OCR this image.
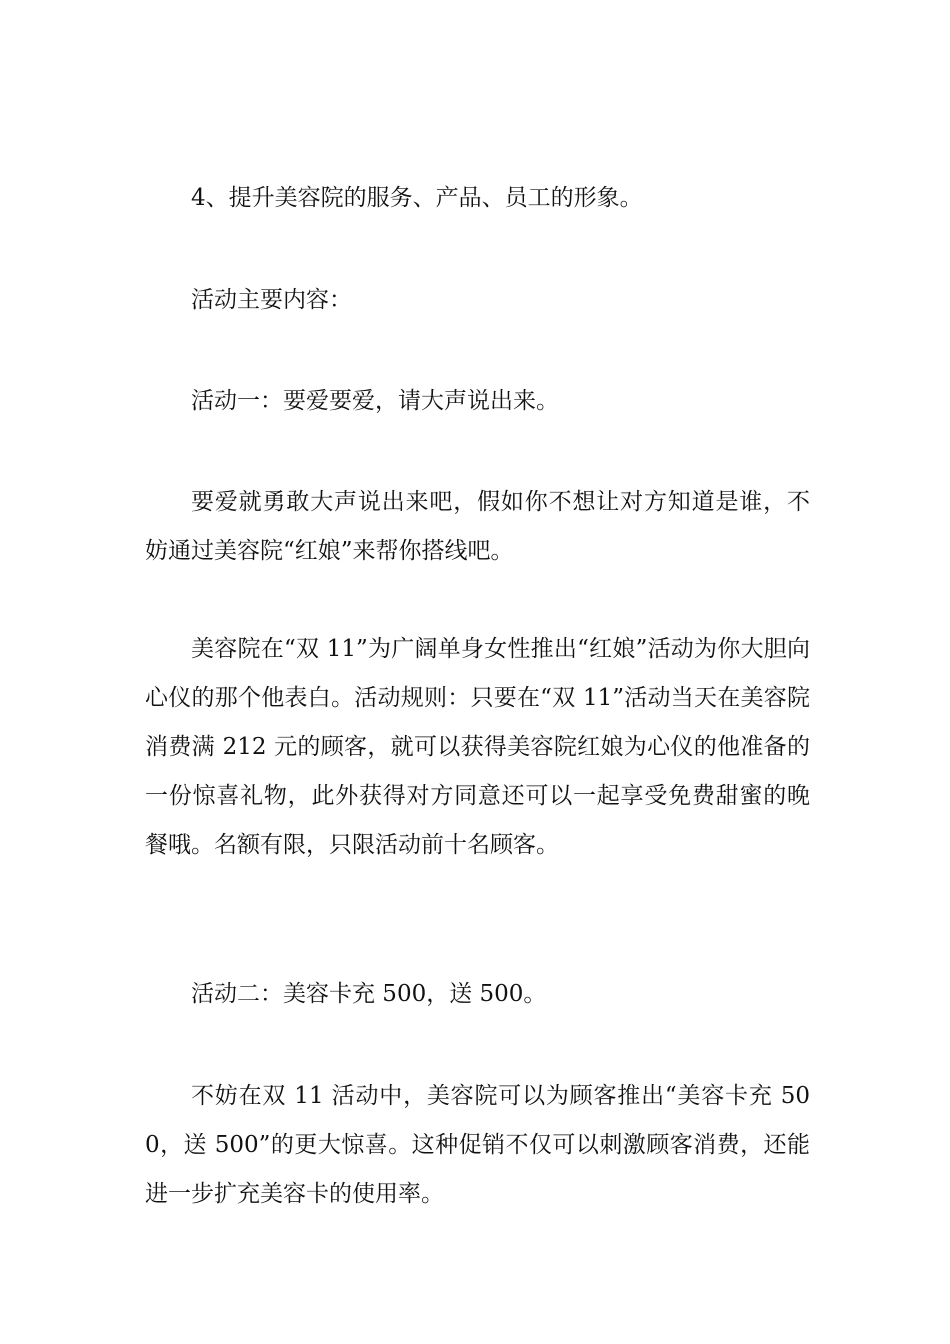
4、提升美容院的服务、产品、员工的形象。

活动主要内容：

活动一：要爱要爱，请大声说出来。

要爱就勇敢大声说出来吧，假如你不想让对方知道是谁，不妨通过美容院“红娘”来帮你搭线吧。

美容院在“双 11”为广阔单身女性推出“红娘”活动为你大胆向心仪的那个他表白。活动规则：只要在“双 11”活动当天在美容院消费满 212 元的顾客，就可以获得美容院红娘为心仪的他准备的一份惊喜礼物，此外获得对方同意还可以一起享受免费甜蜜的晚餐哦。名额有限，只限活动前十名顾客。

活动二：美容卡充 500，送 500。

不妨在双 11 活动中，美容院可以为顾客推出“美容卡充 500，送 500”的更大惊喜。这种促销不仅可以刺激顾客消费，还能进一步扩充美容卡的使用率。
